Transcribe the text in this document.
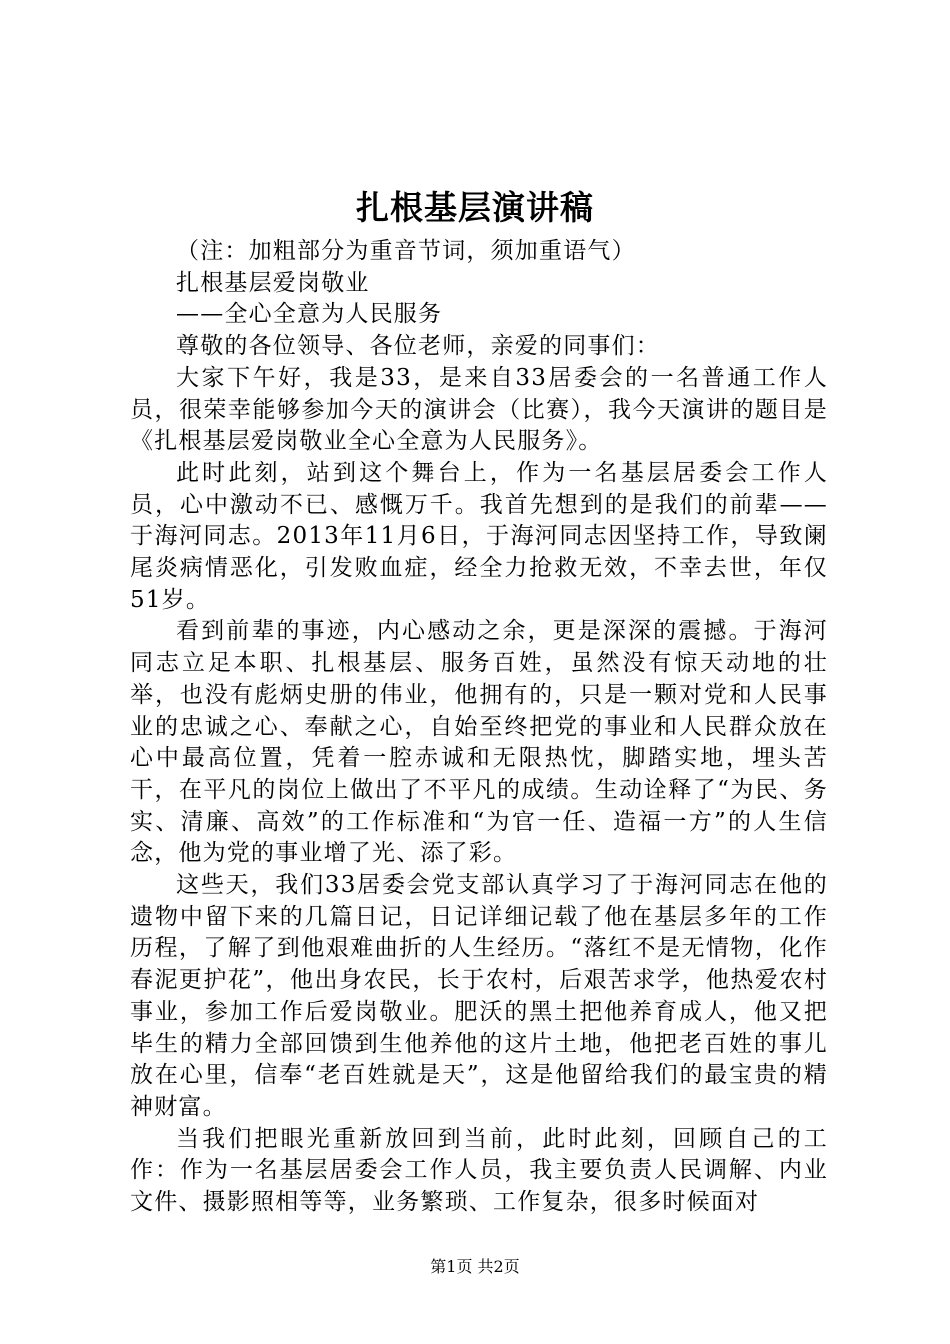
扎根基层演讲稿

（注：加粗部分为重音节词，须加重语气）

扎根基层爱岗敬业

——全心全意为人民服务

尊敬的各位领导、各位老师，亲爱的同事们：

大家下午好，我是33，是来自33居委会的一名普通工作人员，很荣幸能够参加今天的演讲会（比赛），我今天演讲的题目是《扎根基层爱岗敬业全心全意为人民服务》。

此时此刻，站到这个舞台上，作为一名基层居委会工作人员，心中激动不已、感慨万千。我首先想到的是我们的前辈——于海河同志。2013年11月6日，于海河同志因坚持工作，导致阑尾炎病情恶化，引发败血症，经全力抢救无效，不幸去世，年仅51岁。

看到前辈的事迹，内心感动之余，更是深深的震撼。于海河同志立足本职、扎根基层、服务百姓，虽然没有惊天动地的壮举，也没有彪炳史册的伟业，他拥有的，只是一颗对党和人民事业的忠诚之心、奉献之心，自始至终把党的事业和人民群众放在心中最高位置，凭着一腔赤诚和无限热忱，脚踏实地，埋头苦干，在平凡的岗位上做出了不平凡的成绩。生动诠释了“为民、务实、清廉、高效”的工作标准和“为官一任、造福一方”的人生信念，他为党的事业增了光、添了彩。

这些天，我们33居委会党支部认真学习了于海河同志在他的遗物中留下来的几篇日记，日记详细记载了他在基层多年的工作历程，了解了到他艰难曲折的人生经历。“落红不是无情物，化作春泥更护花”，他出身农民，长于农村，后艰苦求学，他热爱农村事业，参加工作后爱岗敬业。肥沃的黑土把他养育成人，他又把毕生的精力全部回馈到生他养他的这片土地，他把老百姓的事儿放在心里，信奉“老百姓就是天”，这是他留给我们的最宝贵的精神财富。

当我们把眼光重新放回到当前，此时此刻，回顾自己的工作：作为一名基层居委会工作人员，我主要负责人民调解、内业文件、摄影照相等等，业务繁琐、工作复杂，很多时候面对

第1页 共2页
